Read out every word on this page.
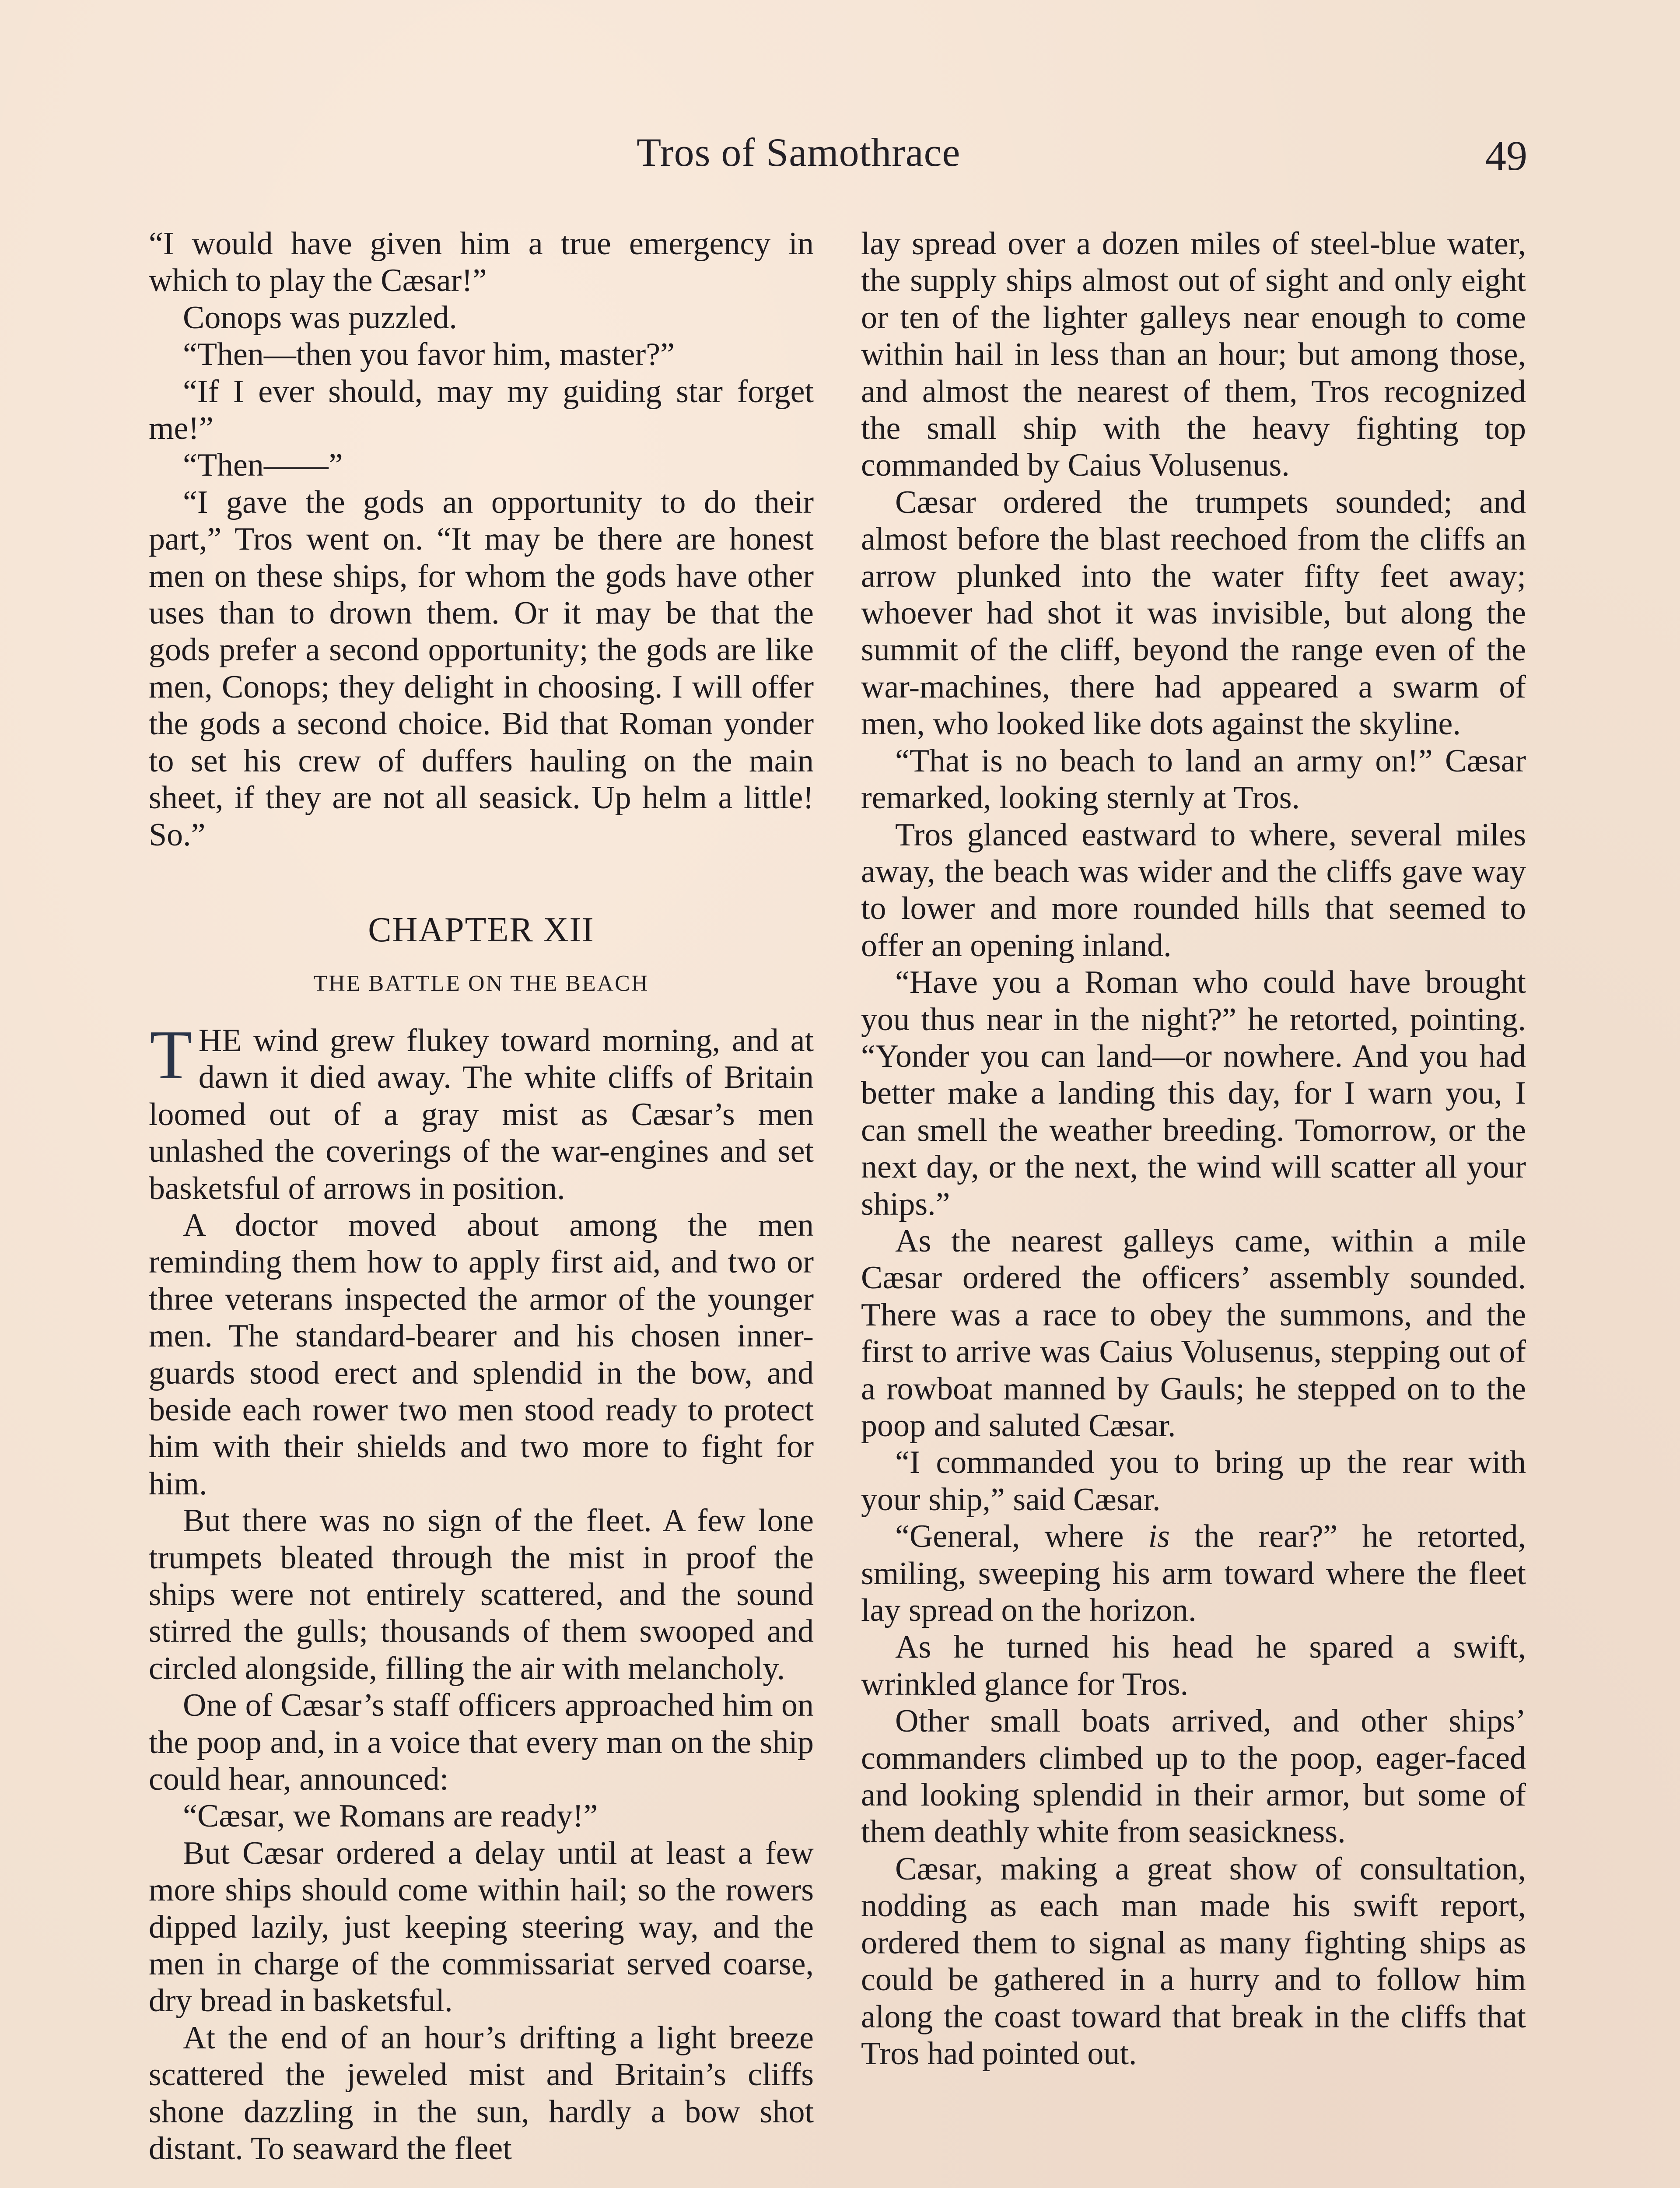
Tros of Samothrace	49

“I would have given him a true emergency in which to play the Cæsar!”

Conops was puzzled.

“Then—then you favor him, master?”

“If I ever should, may my guiding star forget me!”

“Then——”

“I gave the gods an opportunity to do their part,” Tros went on. “It may be there are honest men on these ships, for whom the gods have other uses than to drown them. Or it may be that the gods prefer a second opportunity; the gods are like men, Conops; they delight in choosing. I will offer the gods a second choice. Bid that Roman yonder to set his crew of duffers hauling on the main sheet, if they are not all seasick. Up helm a little! So.”

CHAPTER XII
THE BATTLE ON THE BEACH

THE wind grew flukey toward morning, and at dawn it died away. The white cliffs of Britain loomed out of a gray mist as Cæsar’s men unlashed the coverings of the war-engines and set basketsful of arrows in position.

A doctor moved about among the men reminding them how to apply first aid, and two or three veterans inspected the armor of the younger men. The standard-bearer and his chosen inner-guards stood erect and splendid in the bow, and beside each rower two men stood ready to protect him with their shields and two more to fight for him.

But there was no sign of the fleet. A few lone trumpets bleated through the mist in proof the ships were not entirely scattered, and the sound stirred the gulls; thousands of them swooped and circled alongside, filling the air with melancholy.

One of Cæsar’s staff officers approached him on the poop and, in a voice that every man on the ship could hear, announced:

“Cæsar, we Romans are ready!”

But Cæsar ordered a delay until at least a few more ships should come within hail; so the rowers dipped lazily, just keeping steering way, and the men in charge of the commissariat served coarse, dry bread in basketsful.

At the end of an hour’s drifting a light breeze scattered the jeweled mist and Britain’s cliffs shone dazzling in the sun, hardly a bow shot distant. To seaward the fleet

lay spread over a dozen miles of steel-blue water, the supply ships almost out of sight and only eight or ten of the lighter galleys near enough to come within hail in less than an hour; but among those, and almost the nearest of them, Tros recognized the small ship with the heavy fighting top commanded by Caius Volusenus.

Cæsar ordered the trumpets sounded; and almost before the blast reechoed from the cliffs an arrow plunked into the water fifty feet away; whoever had shot it was invisible, but along the summit of the cliff, beyond the range even of the war-machines, there had appeared a swarm of men, who looked like dots against the skyline.

“That is no beach to land an army on!” Cæsar remarked, looking sternly at Tros.

Tros glanced eastward to where, several miles away, the beach was wider and the cliffs gave way to lower and more rounded hills that seemed to offer an opening inland.

“Have you a Roman who could have brought you thus near in the night?” he retorted, pointing. “Yonder you can land—or nowhere. And you had better make a landing this day, for I warn you, I can smell the weather breeding. Tomorrow, or the next day, or the next, the wind will scatter all your ships.”

As the nearest galleys came, within a mile Cæsar ordered the officers’ assembly sounded. There was a race to obey the summons, and the first to arrive was Caius Volusenus, stepping out of a rowboat manned by Gauls; he stepped on to the poop and saluted Cæsar.

“I commanded you to bring up the rear with your ship,” said Cæsar.

“General, where is the rear?” he retorted, smiling, sweeping his arm toward where the fleet lay spread on the horizon.

As he turned his head he spared a swift, wrinkled glance for Tros.

Other small boats arrived, and other ships’ commanders climbed up to the poop, eager-faced and looking splendid in their armor, but some of them deathly white from seasickness.

Cæsar, making a great show of consultation, nodding as each man made his swift report, ordered them to signal as many fighting ships as could be gathered in a hurry and to follow him along the coast toward that break in the cliffs that Tros had pointed out.
